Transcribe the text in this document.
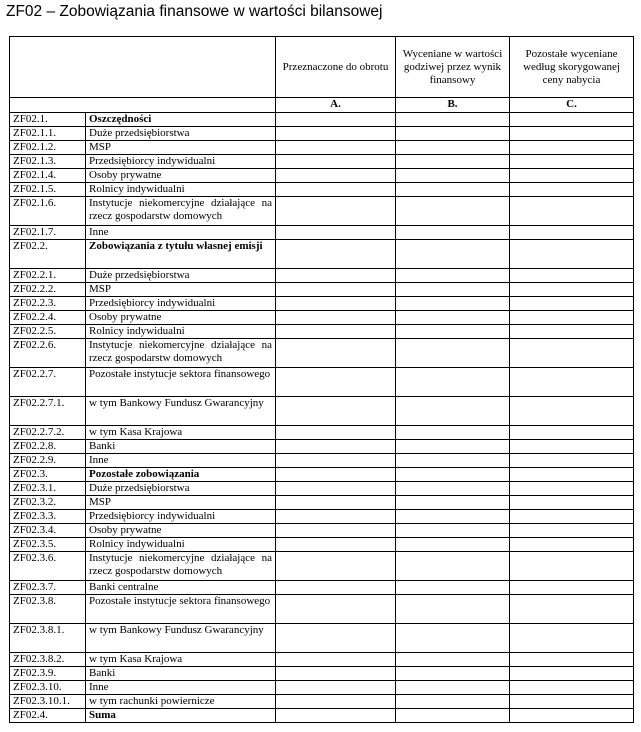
ZF02 – Zobowiązania finansowe w wartości bilansowej
		Przeznaczone do obrotu	Wyceniane w wartości godziwej przez wynik finansowy	Pozostałe wyceniane według skorygowanej ceny nabycia
		A.	B.	C.
ZF02.1.	Oszczędności			
ZF02.1.1.	Duże przedsiębiorstwa			
ZF02.1.2.	MSP			
ZF02.1.3.	Przedsiębiorcy indywidualni			
ZF02.1.4.	Osoby prywatne			
ZF02.1.5.	Rolnicy indywidualni			
ZF02.1.6.	Instytucje niekomercyjne działające na rzecz gospodarstw domowych			
ZF02.1.7.	Inne			
ZF02.2.	Zobowiązania z tytułu własnej emisji			
ZF02.2.1.	Duże przedsiębiorstwa			
ZF02.2.2.	MSP			
ZF02.2.3.	Przedsiębiorcy indywidualni			
ZF02.2.4.	Osoby prywatne			
ZF02.2.5.	Rolnicy indywidualni			
ZF02.2.6.	Instytucje niekomercyjne działające na rzecz gospodarstw domowych			
ZF02.2.7.	Pozostałe instytucje sektora finansowego			
ZF02.2.7.1.	w tym Bankowy Fundusz Gwarancyjny			
ZF02.2.7.2.	w tym Kasa Krajowa			
ZF02.2.8.	Banki			
ZF02.2.9.	Inne			
ZF02.3.	Pozostałe zobowiązania			
ZF02.3.1.	Duże przedsiębiorstwa			
ZF02.3.2.	MSP			
ZF02.3.3.	Przedsiębiorcy indywidualni			
ZF02.3.4.	Osoby prywatne			
ZF02.3.5.	Rolnicy indywidualni			
ZF02.3.6.	Instytucje niekomercyjne działające na rzecz gospodarstw domowych			
ZF02.3.7.	Banki centralne			
ZF02.3.8.	Pozostałe instytucje sektora finansowego			
ZF02.3.8.1.	w tym Bankowy Fundusz Gwarancyjny			
ZF02.3.8.2.	w tym Kasa Krajowa			
ZF02.3.9.	Banki			
ZF02.3.10.	Inne			
ZF02.3.10.1.	w tym rachunki powiernicze			
ZF02.4.	Suma			
